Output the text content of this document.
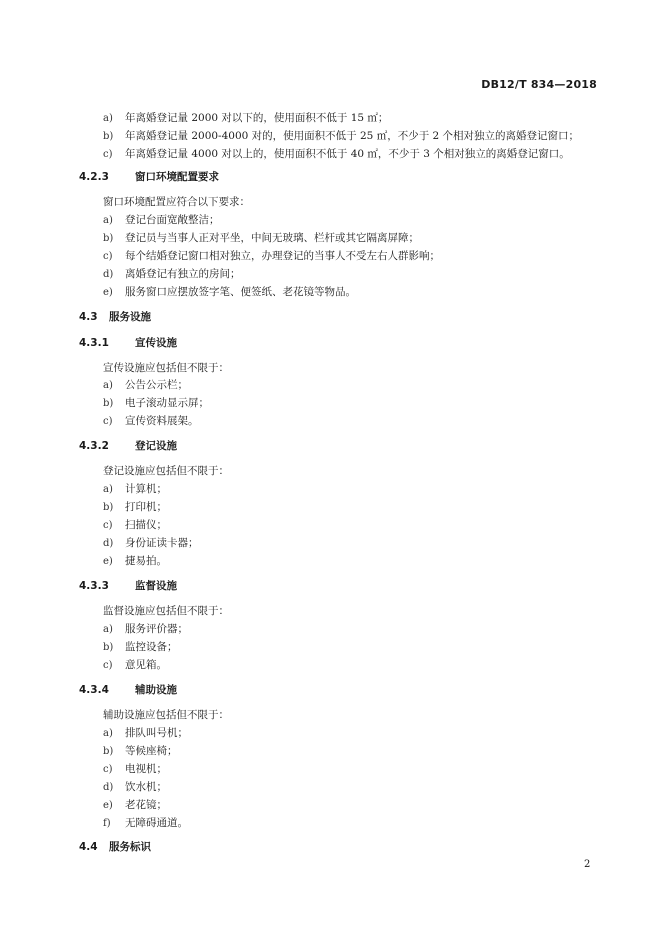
DB12/T 834—2018
a) 年离婚登记量 2000 对以下的，使用面积不低于 15 ㎡；
b) 年离婚登记量 2000-4000 对的，使用面积不低于 25 ㎡，不少于 2 个相对独立的离婚登记窗口；
c) 年离婚登记量 4000 对以上的，使用面积不低于 40 ㎡，不少于 3 个相对独立的离婚登记窗口。
4.2.3 窗口环境配置要求
窗口环境配置应符合以下要求：
a) 登记台面宽敞整洁；
b) 登记员与当事人正对平坐，中间无玻璃、栏杆或其它隔离屏障；
c) 每个结婚登记窗口相对独立，办理登记的当事人不受左右人群影响；
d) 离婚登记有独立的房间；
e) 服务窗口应摆放签字笔、便签纸、老花镜等物品。
4.3 服务设施
4.3.1 宣传设施
宣传设施应包括但不限于：
a) 公告公示栏；
b) 电子滚动显示屏；
c) 宣传资料展架。
4.3.2 登记设施
登记设施应包括但不限于：
a) 计算机；
b) 打印机；
c) 扫描仪；
d) 身份证读卡器；
e) 捷易拍。
4.3.3 监督设施
监督设施应包括但不限于：
a) 服务评价器；
b) 监控设备；
c) 意见箱。
4.3.4 辅助设施
辅助设施应包括但不限于：
a) 排队叫号机；
b) 等候座椅；
c) 电视机；
d) 饮水机；
e) 老花镜；
f) 无障碍通道。
4.4 服务标识
2
